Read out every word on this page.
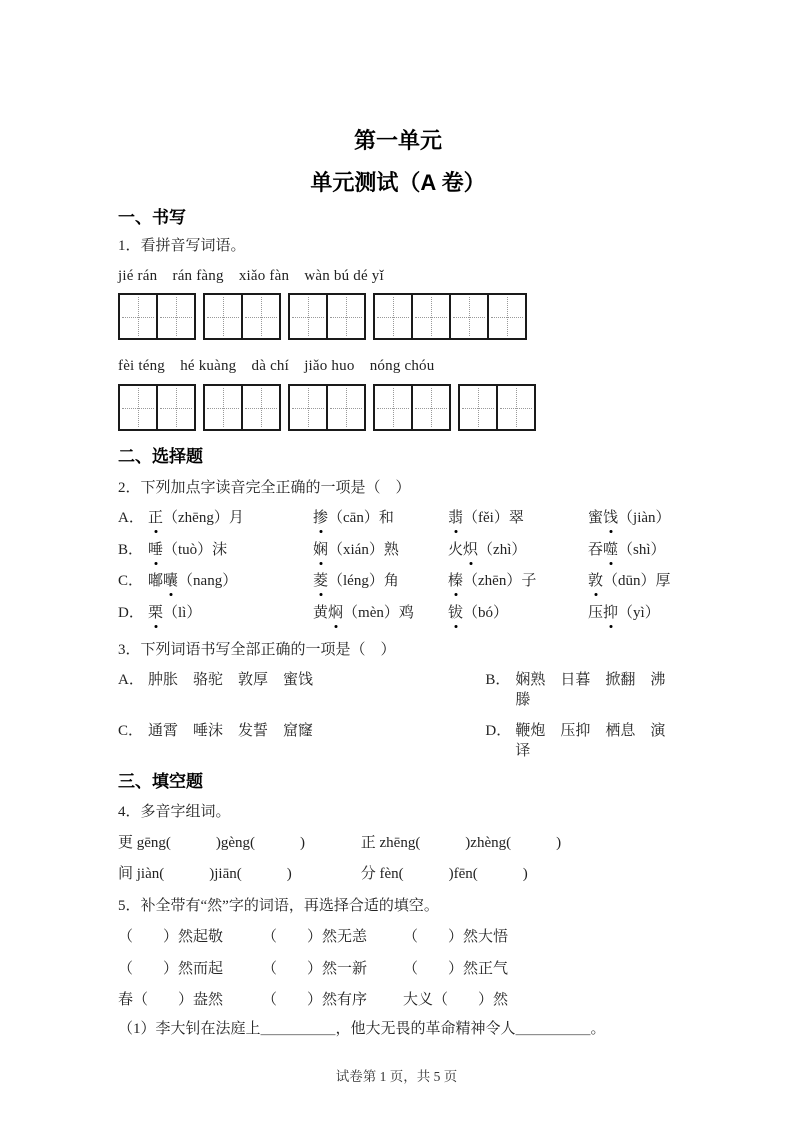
第一单元
单元测试（A 卷）
一、书写

1．看拼音写词语。

jié rán　rán fàng　xiǎo fàn　wàn bú dé yǐ

fèi téng　hé kuàng　dà chí　jiǎo huo　nóng chóu

二、选择题

2．下列加点字读音完全正确的一项是（　）

A． 正（zhēng）月	掺（cān）和	翡（fěi）翠	蜜饯（jiàn）
B． 唾（tuò）沫	娴（xián）熟	火炽（zhì）	吞噬（shì）
C． 嘟囔（nang）	菱（léng）角	榛（zhēn）子	敦（dūn）厚
D． 栗（lì）	黄焖（mèn）鸡	钹（bó）	压抑（yì）

3．下列词语书写全部正确的一项是（　）

A． 肿胀　骆驼　敦厚　蜜饯	B． 娴熟　日暮　掀翻　沸滕
C． 通霄　唾沫　发誓　窟窿	D． 鞭炮　压抑　栖息　演译
三、填空题

4．多音字组词。

更 gēng(　　　)gèng(　　　)	正 zhēng(　　　)zhèng(　　　)

间 jiàn(　　　)jiān(　　　)	分 fèn(　　　)fēn(　　　)

5．补全带有“然”字的词语，再选择合适的填空。

（　　）然起敬	（　　）然无恙	（　　）然大悟
（　　）然而起	（　　）然一新	（　　）然正气
春（　　）盎然	（　　）然有序	大义（　　）然

（1）李大钊在法庭上＿＿＿＿＿，他大无畏的革命精神令人＿＿＿＿＿。

试卷第 1 页，共 5 页
